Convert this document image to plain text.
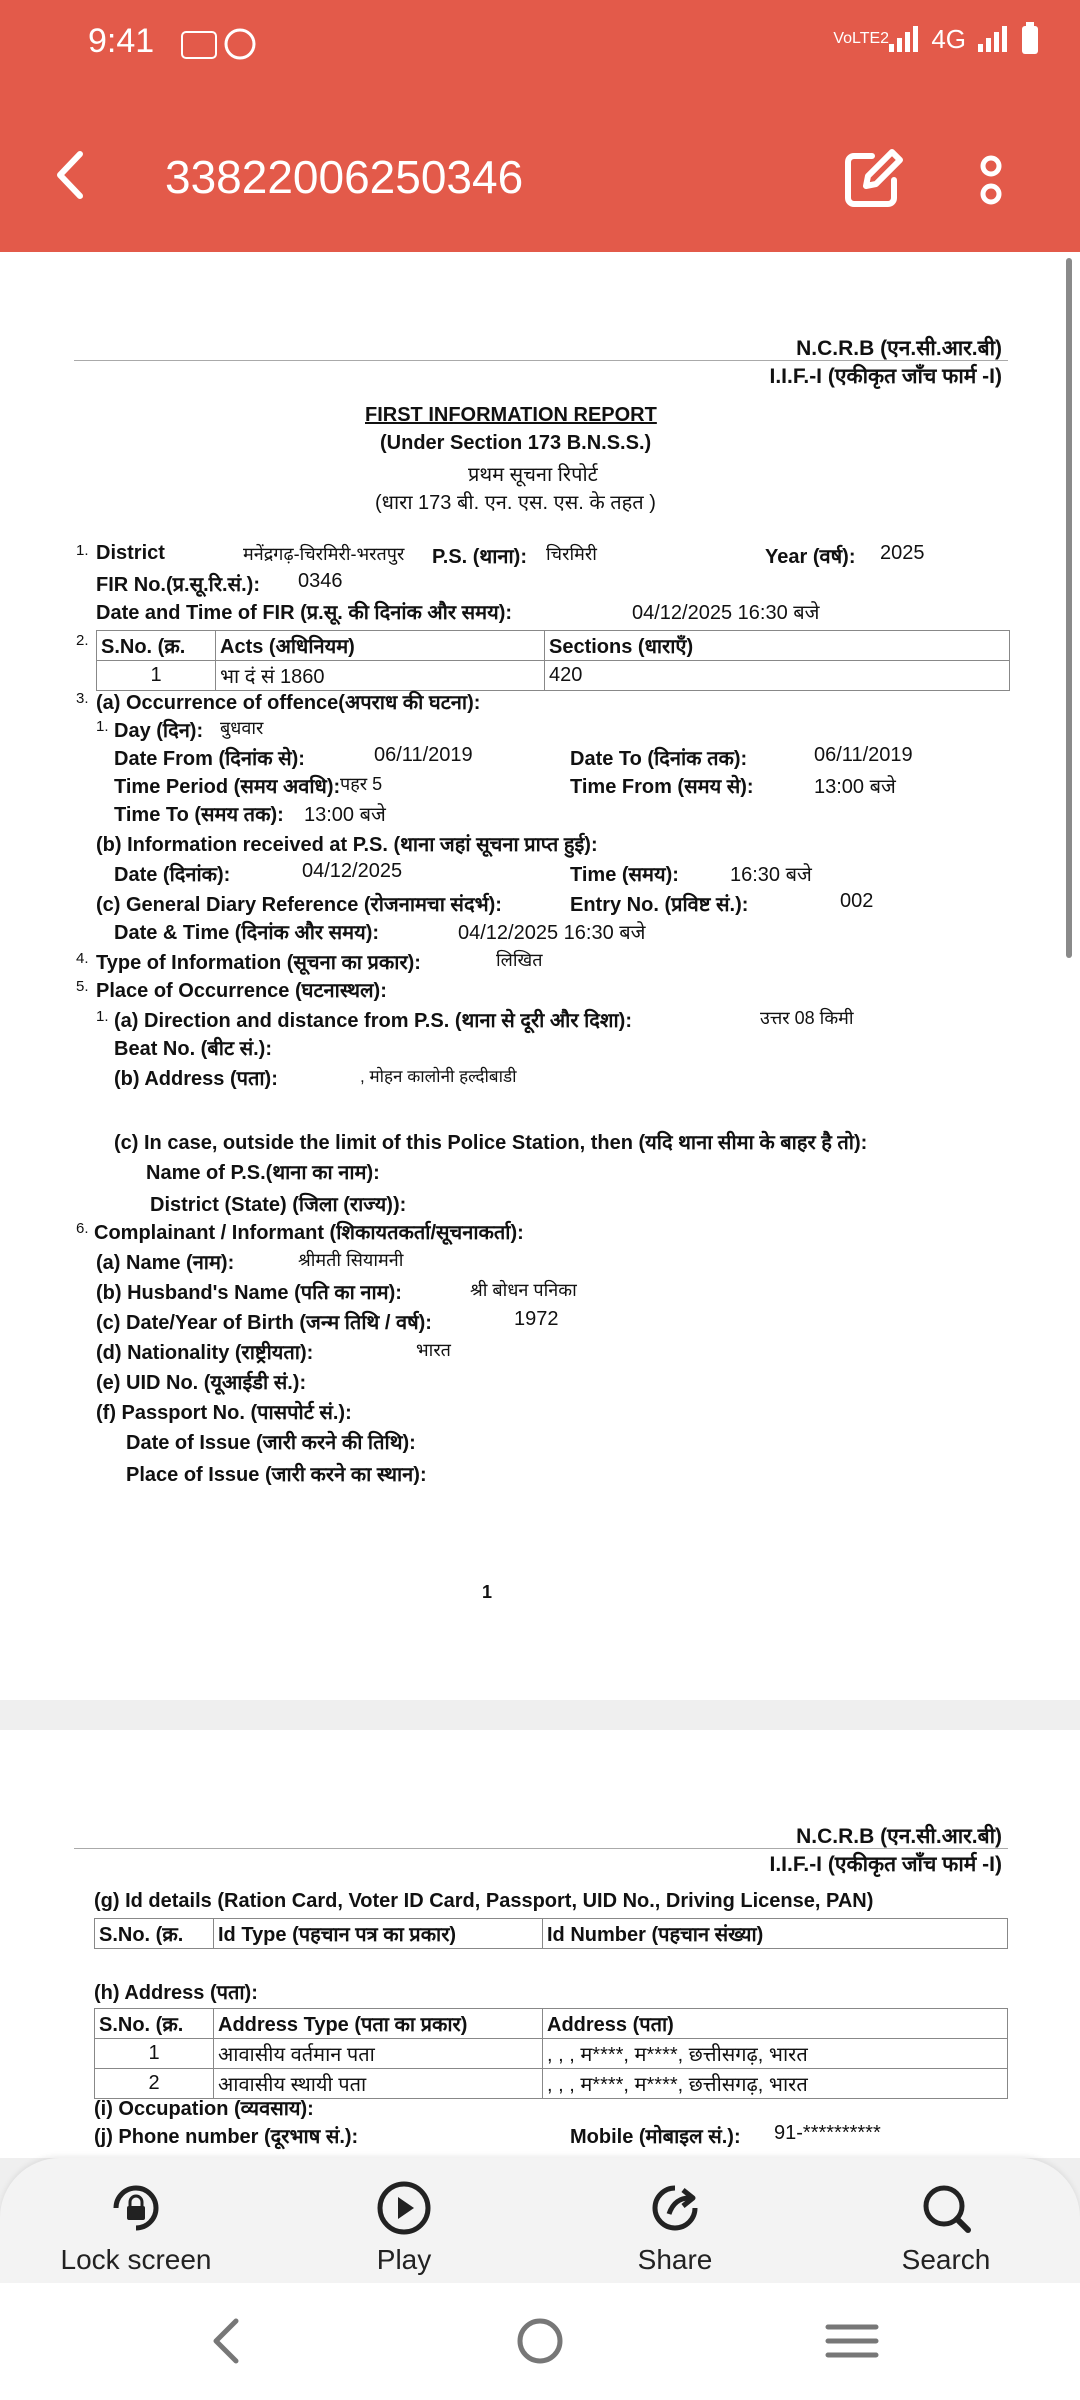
9:41	VoLTE2 4G
33822006250346
N.C.R.B (एन.सी.आर.बी)
I.I.F.-I (एकीकृत जाँच फार्म -I)
FIRST INFORMATION REPORT
(Under Section 173 B.N.S.S.)
प्रथम सूचना रिपोर्ट
(धारा 173 बी. एन. एस. एस. के तहत )
1. District	मनेंद्रगढ़-चिरमिरी-भरतपुर P.S. (थाना): चिरमिरी	Year (वर्ष): 2025
FIR No.(प्र.सू.रि.सं.): 0346
Date and Time of FIR (प्र.सू. की दिनांक और समय):	04/12/2025 16:30 बजे
2. S.No. (क्र.	Acts (अधिनियम)	Sections (धाराएँ)
1	भा दं सं 1860	420
3. (a) Occurrence of offence(अपराध की घटना):
1. Day (दिन): बुधवार
Date From (दिनांक से):	06/11/2019	Date To (दिनांक तक):	06/11/2019
Time Period (समय अवधि): पहर 5	Time From (समय से):	13:00 बजे
Time To (समय तक): 13:00 बजे
(b) Information received at P.S. (थाना जहां सूचना प्राप्त हुई):
Date (दिनांक):	04/12/2025	Time (समय):	16:30 बजे
(c) General Diary Reference (रोजनामचा संदर्भ):	Entry No. (प्रविष्ट सं.):	002
Date & Time (दिनांक और समय):	04/12/2025 16:30 बजे
4. Type of Information (सूचना का प्रकार):	लिखित
5. Place of Occurrence (घटनास्थल):
1. (a) Direction and distance from P.S. (थाना से दूरी और दिशा):	उत्तर 08 किमी
Beat No. (बीट सं.):
(b) Address (पता):	, मोहन कालोनी हल्दीबाडी
(c) In case, outside the limit of this Police Station, then (यदि थाना सीमा के बाहर है तो):
Name of P.S.(थाना का नाम):
District (State) (जिला (राज्य)):
6. Complainant / Informant (शिकायतकर्ता/सूचनाकर्ता):
(a) Name (नाम):	श्रीमती सियामनी
(b) Husband's Name (पति का नाम):	श्री बोधन पनिका
(c) Date/Year of Birth (जन्म तिथि / वर्ष):	1972
(d) Nationality (राष्ट्रीयता):	भारत
(e) UID No. (यूआईडी सं.):
(f) Passport No. (पासपोर्ट सं.):
Date of Issue (जारी करने की तिथि):
Place of Issue (जारी करने का स्थान):
1
N.C.R.B (एन.सी.आर.बी)
I.I.F.-I (एकीकृत जाँच फार्म -I)
(g) Id details (Ration Card, Voter ID Card, Passport, UID No., Driving License, PAN)
S.No. (क्र.	Id Type (पहचान पत्र का प्रकार)	Id Number (पहचान संख्या)
(h) Address (पता):
S.No. (क्र.	Address Type (पता का प्रकार)	Address (पता)
1	आवासीय वर्तमान पता	, , , म****, म****, छत्तीसगढ़, भारत
2	आवासीय स्थायी पता	, , , म****, म****, छत्तीसगढ़, भारत
(i) Occupation (व्यवसाय):
(j) Phone number (दूरभाष सं.):	Mobile (मोबाइल सं.): 91-**********
Lock screen	Play	Share	Search
